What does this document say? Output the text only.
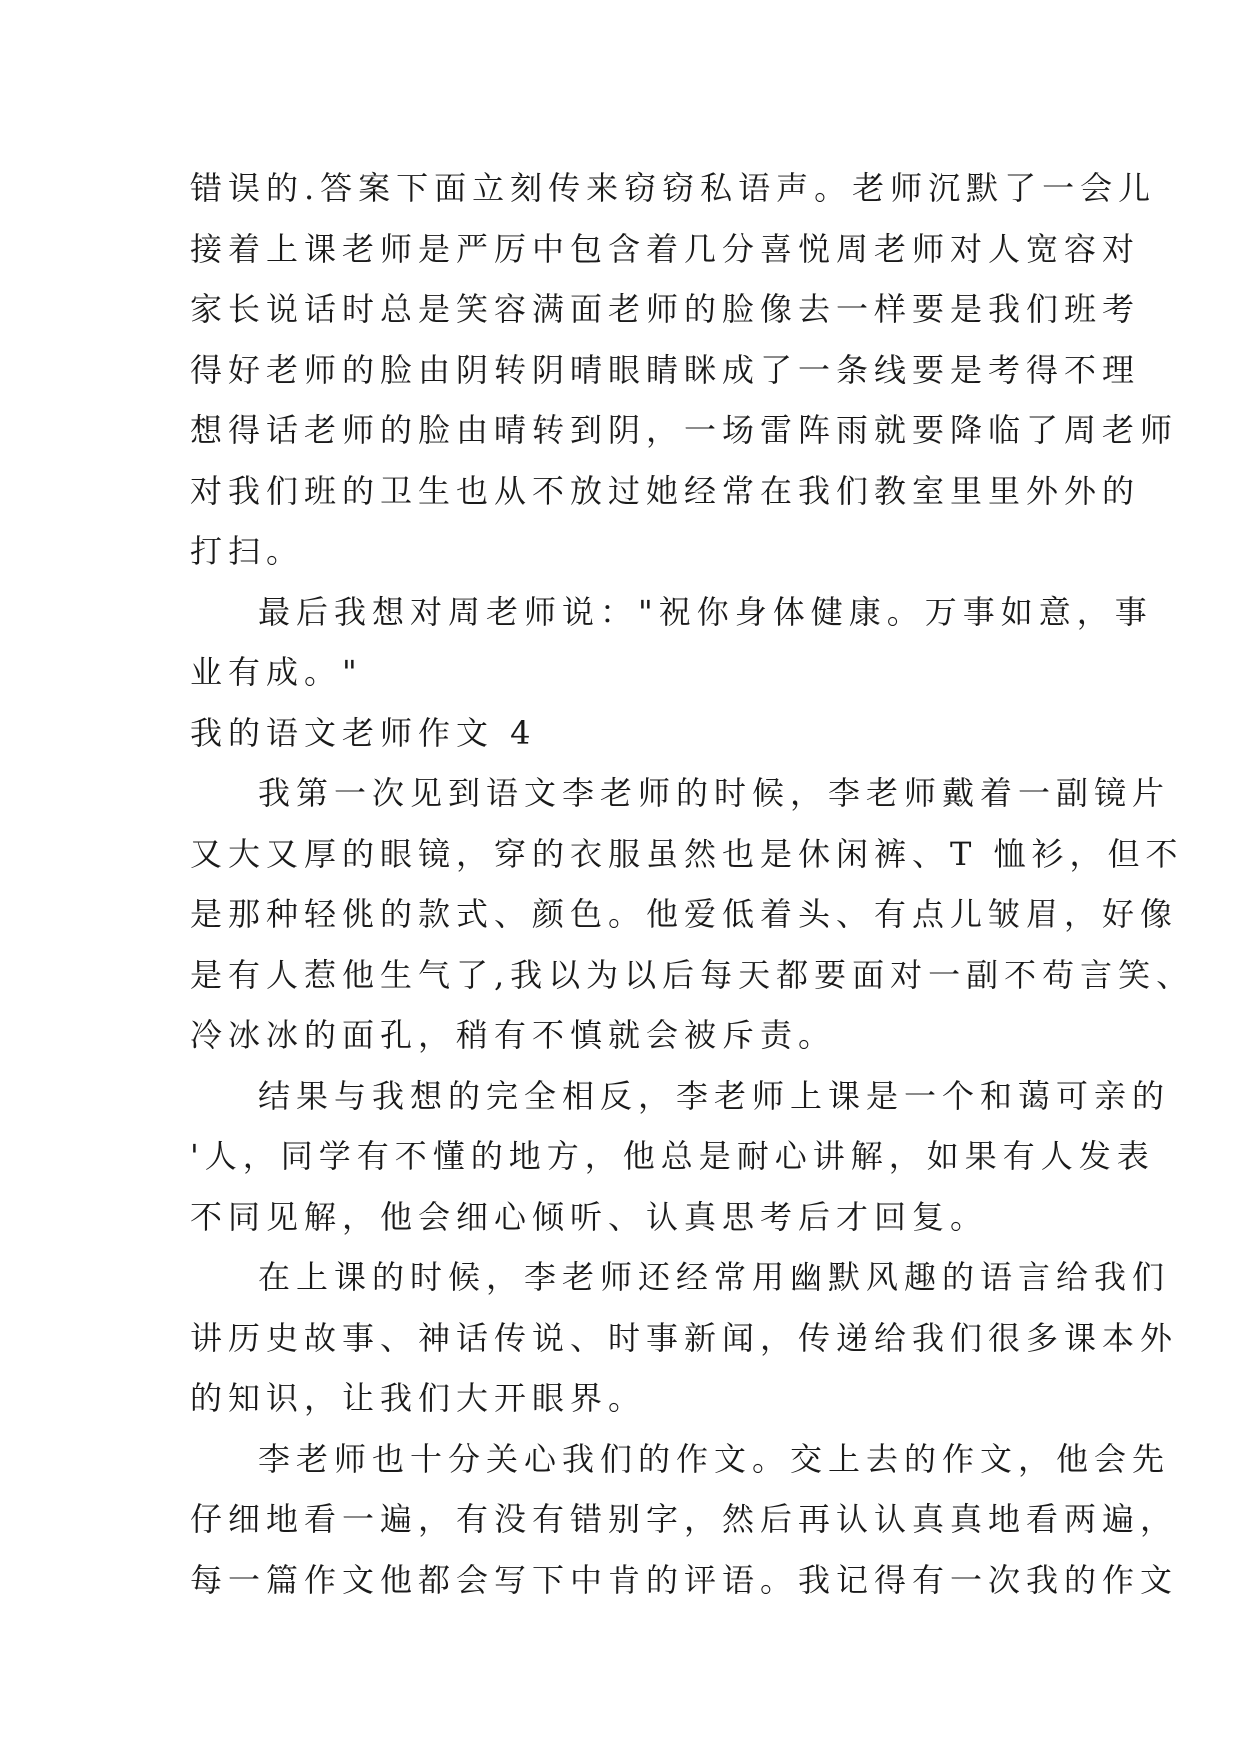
错误的.答案下面立刻传来窃窃私语声。老师沉默了一会儿
接着上课老师是严厉中包含着几分喜悦周老师对人宽容对
家长说话时总是笑容满面老师的脸像去一样要是我们班考
得好老师的脸由阴转阴晴眼睛眯成了一条线要是考得不理
想得话老师的脸由晴转到阴，一场雷阵雨就要降临了周老师
对我们班的卫生也从不放过她经常在我们教室里里外外的
打扫。
最后我想对周老师说："祝你身体健康。万事如意，事
业有成。"
我的语文老师作文 4
我第一次见到语文李老师的时候，李老师戴着一副镜片
又大又厚的眼镜，穿的衣服虽然也是休闲裤、T 恤衫，但不
是那种轻佻的款式、颜色。他爱低着头、有点儿皱眉，好像
是有人惹他生气了,我以为以后每天都要面对一副不苟言笑、
冷冰冰的面孔，稍有不慎就会被斥责。
结果与我想的完全相反，李老师上课是一个和蔼可亲的
'人，同学有不懂的地方，他总是耐心讲解，如果有人发表
不同见解，他会细心倾听、认真思考后才回复。
在上课的时候，李老师还经常用幽默风趣的语言给我们
讲历史故事、神话传说、时事新闻，传递给我们很多课本外
的知识，让我们大开眼界。
李老师也十分关心我们的作文。交上去的作文，他会先
仔细地看一遍，有没有错别字，然后再认认真真地看两遍，
每一篇作文他都会写下中肯的评语。我记得有一次我的作文
